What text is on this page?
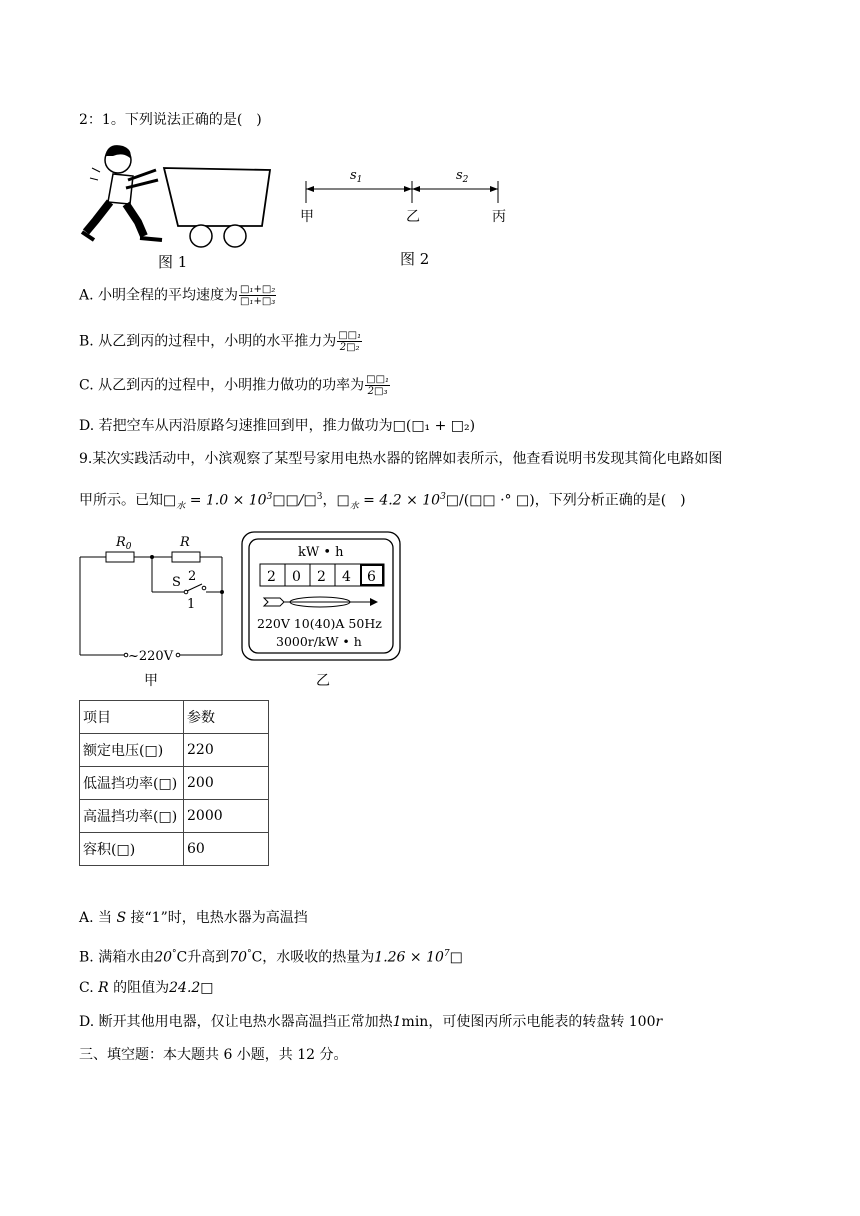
2：1。下列说法正确的是(　)
图 1
$s_1$	$s_2$
甲	乙	丙
图 2
A. 小明全程的平均速度为 $\frac{\text{□₁+□₂}}{\text{□₁+□₃}}$
B. 从乙到丙的过程中，小明的水平推力为 $\frac{\text{□□₁}}{\text{2□₂}}$
C. 从乙到丙的过程中，小明推力做功的功率为 $\frac{\text{□□₁}}{\text{2□₃}}$
D. 若把空车从丙沿原路匀速推回到甲，推力做功为□(□₁ + □₂)
9.某次实践活动中，小滨观察了某型号家用电热水器的铭牌如表所示，他查看说明书发现其简化电路如图
甲所示。已知$□_水 = 1.0$ × $10^3□□/□^3$，$□_水 = 4.2$ × $10^3□/(□□$ ·° □)，下列分析正确的是(　)
$R_0$	R
S 2
1
~220V
甲
kW • h
2 0 2 4 6
220V 10(40)A 50Hz
3000r/kW • h
乙
项目	参数
额定电压(□)	220
低温挡功率(□)	200
高温挡功率(□)	2000
容积(□)	60
A. 当 S 接“1”时，电热水器为高温挡
B. 满箱水由20°C升高到70°C，水吸收的热量为$1.26 \times 10^7□$
C. R 的阻值为24.2□
D. 断开其他用电器，仅让电热水器高温挡正常加热1min，可使图丙所示电能表的转盘转 100r
三、填空题：本大题共 6 小题，共 12 分。
